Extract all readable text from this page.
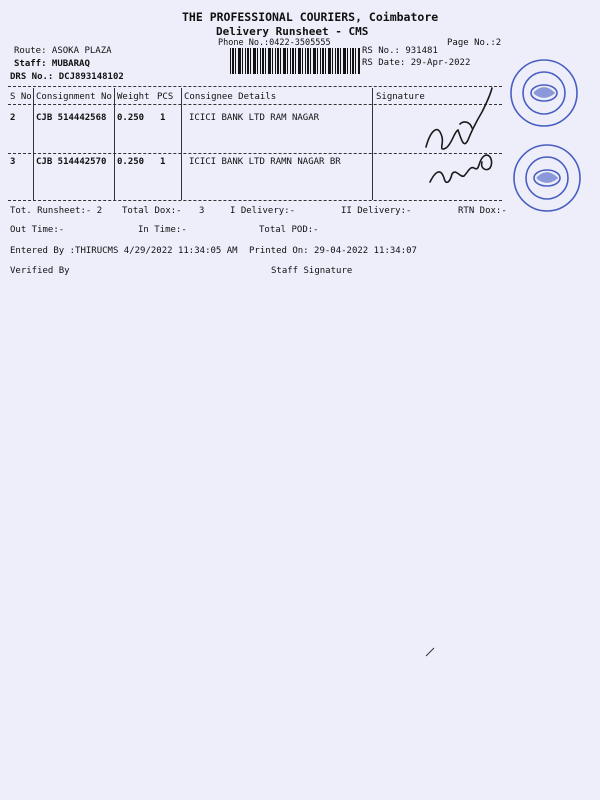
THE PROFESSIONAL COURIERS, Coimbatore
Delivery Runsheet - CMS
Phone No.:0422-3505555	Page No.:2
Route: ASOKA PLAZA
Staff: MUBARAQ
DRS No.: DCJ893148102
RS No.: 931481
RS Date: 29-Apr-2022
S No Consignment No Weight PCS Consignee Details	Signature
2 CJB 514442568 0.250 1	ICICI BANK LTD RAM NAGAR
3 CJB 514442570 0.250 1	ICICI BANK LTD RAMN NAGAR BR
Tot. Runsheet:- 2 Total Dox:- 3	I Delivery:-	II Delivery:-	RTN Dox:-
Out Time:-	In Time:-	Total POD:-
Entered By :THIRUCMS 4/29/2022 11:34:05 AM Printed On: 29-04-2022 11:34:07
Verified By	Staff Signature
